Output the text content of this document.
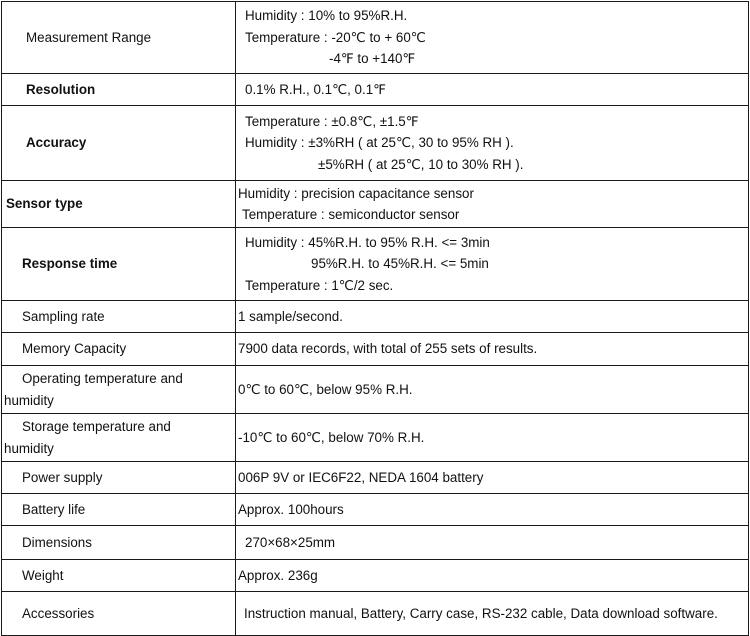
Measurement Range	Humidity : 10% to 95%R.H.
Temperature : -20℃ to + 60℃
-4℉ to +140℉

Resolution	0.1% R.H., 0.1℃, 0.1℉

Accuracy	Temperature : ±0.8℃, ±1.5℉
Humidity : ±3%RH ( at 25℃, 30 to 95% RH ).
±5%RH ( at 25℃, 10 to 30% RH ).

Sensor type	Humidity : precision capacitance sensor
Temperature : semiconductor sensor

Response time	Humidity : 45%R.H. to 95% R.H. <= 3min
95%R.H. to 45%R.H. <= 5min
Temperature : 1℃/2 sec.

Sampling rate	1 sample/second.

Memory Capacity	7900 data records, with total of 255 sets of results.

Operating temperature and
humidity	0℃ to 60℃, below 95% R.H.

Storage temperature and
humidity	-10℃ to 60℃, below 70% R.H.

Power supply	006P 9V or IEC6F22, NEDA 1604 battery

Battery life	Approx. 100hours

Dimensions	270×68×25mm

Weight	Approx. 236g

Accessories	Instruction manual, Battery, Carry case, RS-232 cable, Data download software.
